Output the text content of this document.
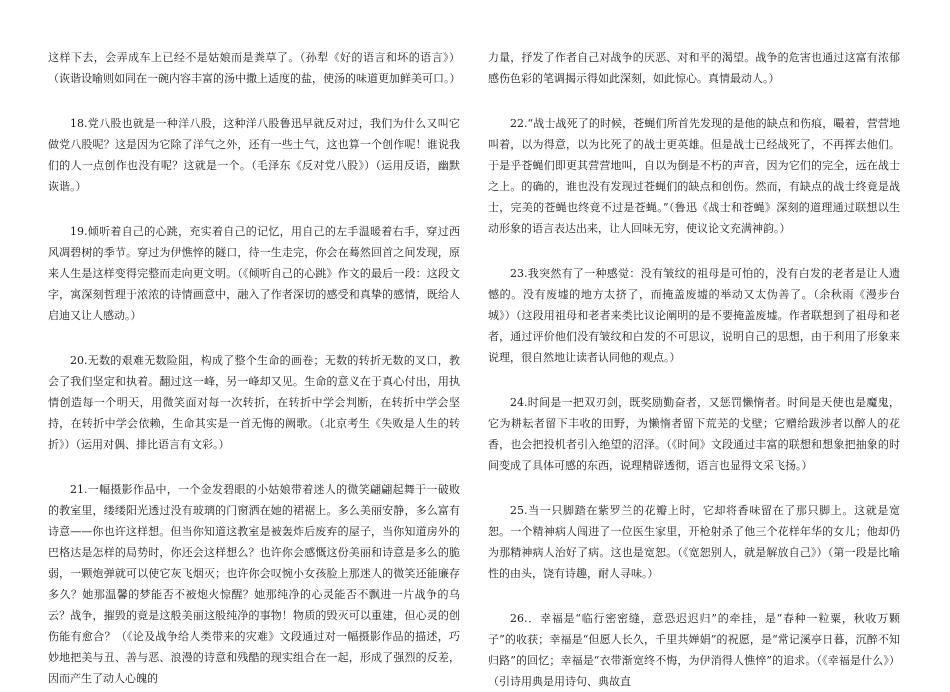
这样下去，会弄成车上已经不是姑娘而是粪草了。（孙犁《好的语言和坏的语言》）（诙谐设喻则如同在一碗内容丰富的汤中撒上适度的盐，使汤的味道更加鲜美可口。）

18.党八股也就是一种洋八股，这种洋八股鲁迅早就反对过，我们为什么又叫它做党八股呢？这是因为它除了洋气之外，还有一些土气，这也算一个创作呢！谁说我们的人一点创作也没有呢？这就是一个。（毛泽东《反对党八股》）（运用反语，幽默诙谐。）

19.倾听着自己的心跳，充实着自己的记忆，用自己的左手温暖着右手，穿过西风凋碧树的季节。穿过为伊憔悴的隧口，待一生走完，你会在蓦然回首之间发现，原来人生是这样变得完整而走向更文明。（《倾听自己的心跳》作文的最后一段：这段文字，寓深刻哲理于浓浓的诗情画意中，融入了作者深切的感受和真挚的感情，既给人启迪又让人感动。）

20.无数的艰难无数险阻，构成了整个生命的画卷；无数的转折无数的叉口，教会了我们坚定和执着。翻过这一峰，另一峰却又见。生命的意义在于真心付出，用执情创造每一个明天，用微笑面对每一次转折，在转折中学会判断，在转折中学会坚持，在转折中学会依赖，生命其实是一首无悔的阙歌。（北京考生《失败是人生的转折》）（运用对偶、排比语言有文彩。）

21.一幅摄影作品中，一个金发碧眼的小姑娘带着迷人的微笑翩翩起舞于一破败的教室里，缕缕阳光透过没有玻璃的门窗洒在她的裙裾上。多么美丽安静，多么富有诗意——你也许这样想。但当你知道这教室是被轰炸后废弃的屋子，当你知道房外的巴格达是怎样的局势时，你还会这样想么？也许你会感慨这份美丽和诗意是多么的脆弱，一颗炮弹就可以使它灰飞烟灭；也许你会叹惋小女孩脸上那迷人的微笑还能廉存多久？她那温馨的梦能否不被炮火惊醒？她那纯净的心灵能否不飘进一片战争的乌云？战争，摧毁的竟是这般美丽这般纯净的事物！物质的毁灭可以重建，但心灵的创伤能有愈合？（《论及战争给人类带来的灾难》文段通过对一幅摄影作品的描述，巧妙地把美与丑、善与恶、浪漫的诗意和残酷的现实组合在一起，形成了强烈的反差，因而产生了动人心魄的

力量，抒发了作者自己对战争的厌恶、对和平的渴望。战争的危害也通过这富有浓郁感伤色彩的笔调揭示得如此深刻，如此惊心。真情最动人。）

22.“战士战死了的时候，苍蝇们所首先发现的是他的缺点和伤痕，嘬着，营营地叫着，以为得意，以为比死了的战士更英雄。但是战士已经战死了，不再挥去他们。于是乎苍蝇们即更其营营地叫，自以为倒是不朽的声音，因为它们的完全，远在战士之上。的确的，谁也没有发现过苍蝇们的缺点和创伤。然而，有缺点的战士终竟是战士，完美的苍蝇也终竟不过是苍蝇。”（鲁迅《战士和苍蝇》深刻的道理通过联想以生动形象的语言表达出来，让人回味无穷，使议论文充满神韵。）

23.我突然有了一种感觉：没有皱纹的祖母是可怕的，没有白发的老者是让人遗憾的。没有废墟的地方太挤了，而掩盖废墟的举动又太伪善了。（余秋雨《漫步台城》）（这段用祖母和老者来类比议论阐明的是不要掩盖废墟。作者联想到了祖母和老者，通过评价他们没有皱纹和白发的不可思议，说明自己的思想，由于利用了形象来说理，很自然地让读者认同他的观点。）

24.时间是一把双刃剑，既奖励勤奋者，又惩罚懒惰者。时间是天使也是魔鬼，它为耕耘者留下丰收的田野，为懒惰者留下荒芜的戈壁；它赠给跋涉者以醉人的花香，也会把投机者引入绝望的沼泽。（《时间》文段通过丰富的联想和想象把抽象的时间变成了具体可感的东西，说理精辟透彻，语言也显得文采飞扬。）

25.当一只脚踏在紫罗兰的花瓣上时，它却将香味留在了那只脚上。这就是宽恕。一个精神病人闯进了一位医生家里，开枪射杀了他三个花样年华的女儿；他却仍为那精神病人治好了病。这也是宽恕。（《宽恕别人，就是解放自己》）（第一段是比喻性的由头，饶有诗趣，耐人寻味。）

26.．幸福是“临行密密缝，意恐迟迟归”的牵挂，是“春种一粒粟，秋收万颗子”的收获；幸福是“但愿人长久，千里共婵娟”的祝愿，是“常记溪亭日暮，沉醉不知归路”的回忆；幸福是“衣带渐宽终不悔，为伊消得人憔悴”的追求。（《幸福是什么》）（引诗用典是用诗句、典故直
